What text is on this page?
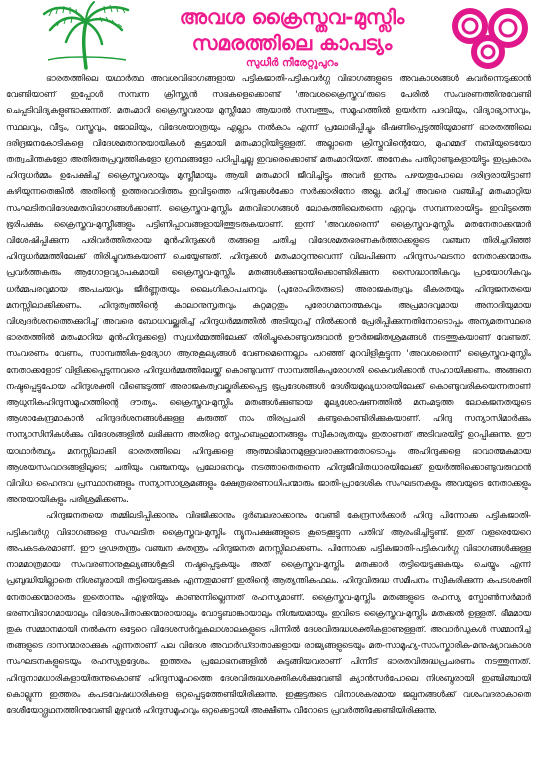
അവശ ക്രൈസ്തവ-മുസ്ലിം
സമരത്തിലെ കാപട്യം
സുധീർ നീരേറ്റുപുറം

ഭാരതത്തിലെ യഥാർത്ഥ അവശവിഭാഗങ്ങളായ പട്ടികജാതി-പട്ടികവർഗ്ഗ വിഭാഗങ്ങളുടെ അവകാശങ്ങൾ കവർന്നെടുക്കാൻ വേണ്ടിയാണ് ഇപ്പോൾ സമ്പന്ന ക്രിസ്ത്യൻ സഭകളെക്കൊണ്ട് 'അവശക്രൈസ്തവ'രുടെ പേരിൽ സംവരണത്തിനുവേണ്ടി ചെപ്പടിവിദ്യകളുണ്ടാക്കുന്നത്. മതംമാറി ക്രൈസ്തവരായ മുസ്ലീമോ ആയാൽ സമ്പത്തും, സമൂഹത്തിൽ ഉയർന്ന പദവിയും, വിദ്യാഭ്യാസവും, സ്ഥലവും, വീടും, വസ്ത്രവും, ജോലിയും, വിദേശയാത്രയും എല്ലാം നൽകാം എന്ന് പ്രലോഭിപ്പിച്ചും ഭീഷണിപ്പെടുത്തിയുമാണ് ഭാരതത്തിലെ ദരിദ്രജനകോടികളെ വിദേശമതാനുയായികൾ കൂട്ടമായി മതംമാറ്റിയിട്ടുള്ളത്. അല്ലാതെ ക്രിസ്തുവിന്റെയോ, മുഹമ്മദ് നബിയുടെയോ തത്വചിന്തകളോ അതിരുതപ്രവൃത്തികളോ ഗ്രന്ഥങ്ങളോ പഠിപ്പിച്ചല്ല ഇവരെക്കൊണ്ട് മതംമാറിയത്. അനേകം പതിറ്റാണ്ടുകളായിട്ടും ഇപ്രകാരം ഹിന്ദുധർമ്മം ഉപേക്ഷിച്ച് ക്രൈസ്തവരായും മുസ്ലീമായും ആയി മതംമാറി ജീവിച്ചിട്ടും അവർ ഇന്നും പഴയതുപോലെ ദരിദ്രരായിട്ടാണ് കഴിയുന്നതെങ്കിൽ അതിന്റെ ഉത്തരവാദിത്തം ഇവിടുത്തെ ഹിന്ദുക്കൾക്കോ സർക്കാരിനോ അല്ല. മറിച്ച് അവരെ വഞ്ചിച്ച് മതംമാറ്റിയ സംഘടിതവിദേശമതവിഭാഗങ്ങൾക്കാണ്. ക്രൈസ്തവ-മുസ്ലിം മതവിഭാഗങ്ങൾ ലോകത്തിലെതന്നെ ഏറ്റവും സമ്പന്നരായിട്ടും ഇവിടുത്തെ ഭൂരിപക്ഷം ക്രൈസ്തവ-മുസ്ലീങ്ങളും പട്ടിണിപ്പാവങ്ങളായിത്തുടരുകയാണ്. ഇന്ന് 'അവശരെന്ന്' ക്രൈസ്തവ-മുസ്ലിം മതനേതാക്കന്മാർ വിശേഷിപ്പിക്കുന്ന പരിവർത്തിതരായ മുൻഹിന്ദുക്കൾ തങ്ങളെ ചതിച്ച വിദേശമതഭരണകർത്താക്കളുടെ വഞ്ചന തിരിച്ചറിഞ്ഞ് ഹിന്ദുധർമ്മത്തിലേക്ക് തിരിച്ചുവരുകയാണ് ചെയ്യേണ്ടത്. ഹിന്ദുക്കൾ മതംമാറുന്നുവെന്ന് വിലപിക്കുന്ന ഹിന്ദുസംഘടനാ നേതാക്കന്മാരും പ്രവർത്തകരും ആഗോളവ്യാപകമായി ക്രൈസ്തവ-മുസ്ലിം മതങ്ങൾക്കുണ്ടായിക്കൊണ്ടിരിക്കുന്ന സൈദ്ധാന്തികവും പ്രായോഗികവും ധർമ്മപരവുമായ അപചയവും ജീർണ്ണതയും ലൈംഗികാപചനവും (പുരോഹിതരുടെ) അരാജകത്വവും ഭീകരതയും ഹിന്ദുജനതയെ മനസ്സിലാക്കിക്കണം. ഹിന്ദുത്വത്തിന്റെ കാലാനുസൃതവും കുറ്റമറ്റതും പുരോഗമനാത്മകവും അപ്രമാദവുമായ അനാദിയുമായ വിശ്വദർശനത്തെക്കുറിച്ച് അവരെ ബോധവല്ക്കരിച്ച് ഹിന്ദുധർമ്മത്തിൽ അടിയുറച്ച് നിൽക്കാൻ പ്രേരിപ്പിക്കുന്നതിനോടൊപ്പം അന്യമതസ്ഥരെ ഭാരതത്തിൽ മതംമാറിയ മുൻഹിന്ദുക്കളെ) സ്വധർമ്മത്തിലേക്ക് തിരിച്ചുകൊണ്ടുവരുവാൻ ഊർജ്ജിതശ്രമങ്ങൾ നടത്തുകയാണ് വേണ്ടത്. സംവരണം വേണം, സാമ്പത്തിക-ഉദ്യോഗ ആനുകൂല്യങ്ങൾ വേണമെന്നെല്ലാം പറഞ്ഞ് മുറവിളികൂട്ടുന്ന 'അവശരെന്ന്' ക്രൈസ്തവ-മുസ്ലിം നേതാക്കളോട് വിളിക്കപ്പെടുന്നവരെ ഹിന്ദുധർമ്മത്തിലേയ്ക്ക് കൊണ്ടുവന്ന് സാമ്പത്തികപുരോഗതി കൈവരിക്കാൻ സഹായിക്കണം. അങ്ങനെ നഷ്ടപ്പെട്ടുപോയ ഹിന്ദുശക്തി വീണ്ടെടുത്ത് അരാജകത്വവല്കരിക്കപ്പെട്ട ഭൂപ്രദേശങ്ങൾ ദേശീയമുഖ്യധാരയിലേക്ക് കൊണ്ടുവരികയെന്നതാണ് ആധുനികഹിന്ദുസമൂഹത്തിന്റെ ദൗത്യം. ക്രൈസ്തവ-മുസ്ലിം മതങ്ങൾക്കുണ്ടായ മൂല്യശോഷണത്തിൽ മനംമടുത്ത ലോകജനതയുടെ ആശാകേന്ദ്രമാകാൻ ഹിന്ദുദർശനങ്ങൾക്കുള്ള കരുത്ത് നാം തിരപ്രചരി കണ്ടുകൊണ്ടിരിക്കുകയാണ്. ഹിന്ദു സന്യാസിമാർക്കും സന്യാസിനികൾക്കും വിദേശങ്ങളിൽ ലഭിക്കുന്ന അതിരറ്റ സ്നേഹബഹുമാനങ്ങളും സ്വീകാര്യതയും ഇതാണത് അടിവരയിട്ട് ഉറപ്പിക്കുന്നു. ഈ യാഥാർത്ഥ്യം മനസ്സിലാക്കി ഭാരതത്തിലെ ഹിന്ദുക്കളെ ആത്മാഭിമാനമുള്ളവരാക്കുന്നതോടൊപ്പം അഹിന്ദുക്കളെ ഭാവാത്മകമായ ആശയസംവാദങ്ങളിലൂടെ; ചതിയും വഞ്ചനയും പ്രലോഭനവും നടത്താതെതന്നെ ഹിന്ദുജീവിതധാരയിലേക്ക് ഉയർത്തിക്കൊണ്ടുവരുവാൻ വിവിധ ഹൈന്ദവ പ്രസ്ഥാനങ്ങളും സന്യാസാശ്രമങ്ങളും ക്ഷേത്രഭരണാധിപന്മാരും ജാതി-പ്രാദേശിക സംഘടനകളും അവയുടെ നേതാക്കളും അനുയായികളും പരിശ്രമിക്കണം.

ഹിന്ദുജനതയെ തമ്മിലടിപ്പിക്കാനും വിഭജിക്കാനും ദുർബലരാക്കാനും വേണ്ടി കേന്ദ്രസർക്കാർ ഹിന്ദു പിന്നോക്ക പട്ടികജാതി-പട്ടികവർഗ്ഗ വിഭാഗങ്ങളെ സംഘടിത ക്രൈസ്തവ-മുസ്ലിം ന്യൂനപക്ഷങ്ങളുടെ കൂടെക്കൂട്ടുന്ന പതിവ് ആരംഭിച്ചിട്ടുണ്ട്. ഇത് വളരെയേറെ അപകടകരമാണ്. ഈ ഗൂഢതന്ത്രം വഞ്ചന കുതന്ത്രം ഹിന്ദുജനത മനസ്സിലാക്കണം. പിന്നോക്ക പട്ടികജാതി-പട്ടികവർഗ്ഗ വിഭാഗങ്ങൾക്കുള്ള നാമമാത്രമായ സംവരണാനുകൂല്യങ്ങൾകൂടി നഷ്ടപ്പെടുകയും അത് ക്രൈസ്തവ-മുസ്ലിം മതക്കാർ തട്ടിയെടുക്കുകയും ചെയ്യും എന്ന് പ്രബുദ്ധിയില്ലാതെ നിശബ്ദരായി തട്ടിയെടുക്കുക എന്നതുമാണ് ഇതിന്റെ ആത്യന്തികഫലം. ഹിന്ദുവിരുദ്ധ സമീപനം സ്വീകരിക്കുന്ന കപടശക്തി നേതാക്കന്മാരാരും ഇതൊന്നും എഴുതിയും കാണുന്നില്ലെന്നത് രഹസ്യമാണ്. ക്രൈസ്തവ-മുസ്ലിം മതങ്ങളുടെ രഹസ്യ സ്പോൺസർമാർ ഭരണവിഭാഗമായാലും വിദേശപിതാക്കന്മാരായാലും വോട്ടുബാങ്കായാലും നിശ്ചയമായും ഇവിടെ ക്രൈസ്തവ-മുസ്ലിം മതക്കൽ ഉള്ളത്. ഭീമമായ തുക സമ്മാനമായി നൽകുന്ന ഒട്ടേറെ വിദേശസർവ്വകലാശാലകളുടെ പിന്നിൽ ദേശവിരുദ്ധശക്തികളാണുള്ളത്. അവാർഡുകൾ സമ്മാനിച്ച് തങ്ങളുടെ ദാസന്മാരാക്കുക എന്നതാണ് പല വിദേശ അവാർഡ്ദാതാക്കളായ രാജ്യങ്ങളുടെയും മത-സാമൂഹ്യ-സാംസ്കാരിക-മനുഷ്യാവകാശ സംഘടനകളുടെയും രഹസ്യഉദ്ദേശം. ഇത്തരം പ്രലോഭനങ്ങളിൽ കുടുങ്ങിയവരാണ് പിന്നീട് ഭാരതവിരുദ്ധപ്രചരണം നടത്തുന്നത്. ഹിന്ദുനാമധാരികളായിരുന്നുകൊണ്ട് ഹിന്ദുസമൂഹത്തെ ദേശവിരുദ്ധശക്തികൾക്കുവേണ്ടി ക്യാൻസർപോലെ നിശബ്ദരായി ഇഞ്ചിഞ്ചായി കൊല്ലുന്ന ഇത്തരം കപടവേഷധാരികളെ ഒറ്റപ്പെടുത്തേണ്ടിയിരിക്കുന്നു. ഇക്കൂട്ടരുടെ വിനാശകരമായ ജല്പനങ്ങൾക്ക് വശംവദരാകാതെ ദേശീയോദ്ഗ്രഥനത്തിനുവേണ്ടി മുഴുവൻ ഹിന്ദുസമൂഹവും ഒറ്റക്കെട്ടായി അക്ഷീണം വീറോടെ പ്രവർത്തിക്കേണ്ടിയിരിക്കുന്നു.
